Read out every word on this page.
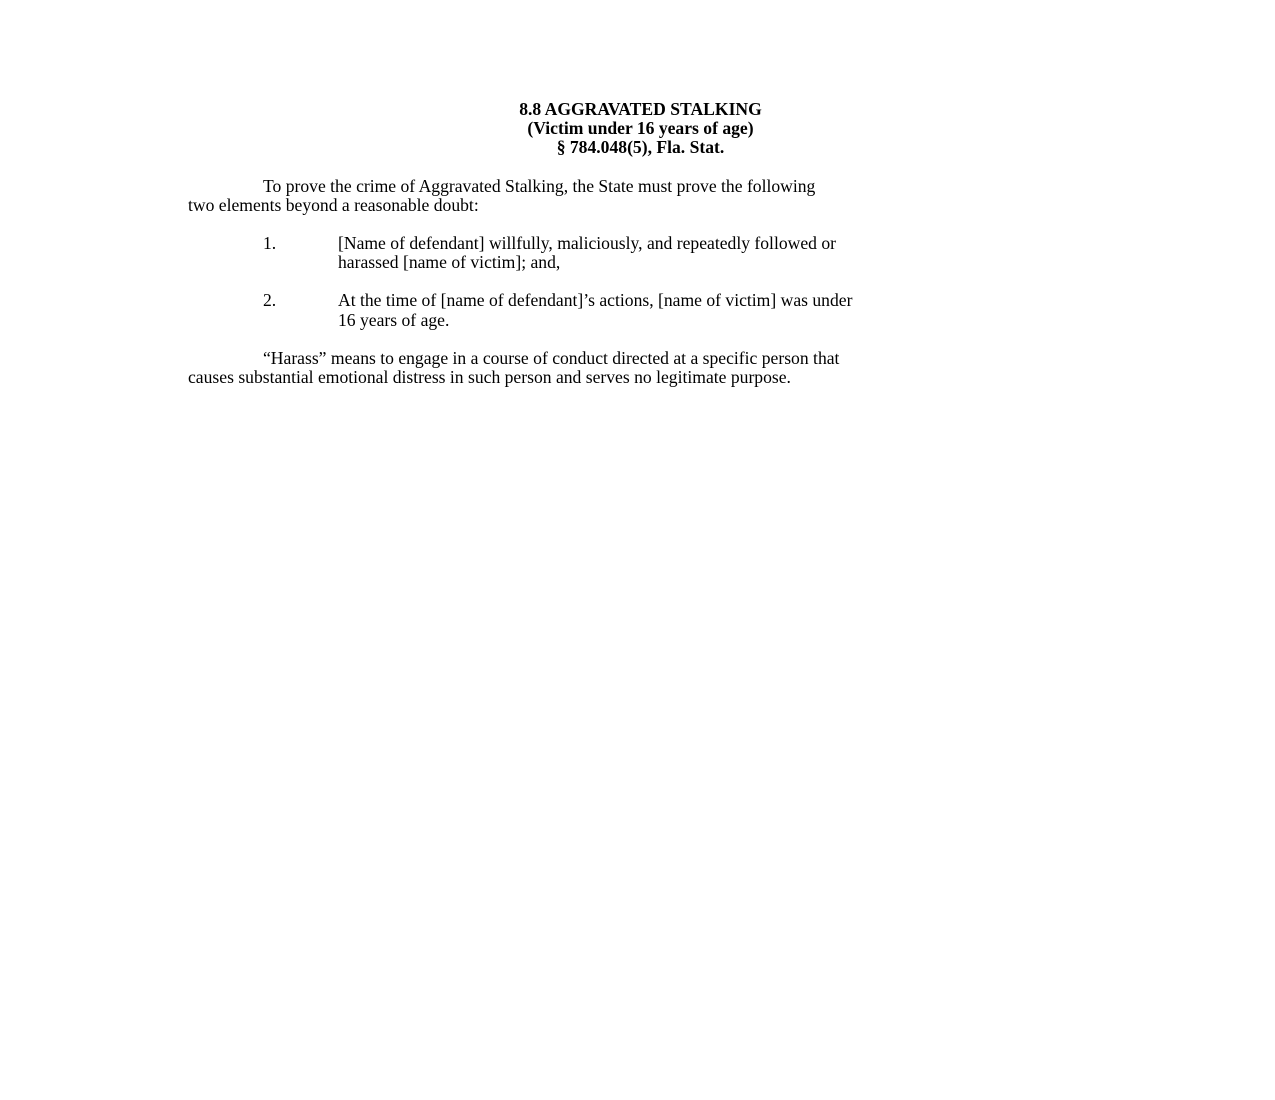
8.8 AGGRAVATED STALKING
(Victim under 16 years of age)
§ 784.048(5), Fla. Stat.
To prove the crime of Aggravated Stalking, the State must prove the following
two elements beyond a reasonable doubt:
1.	[Name of defendant] willfully, maliciously, and repeatedly followed or
harassed [name of victim]; and,
2.	At the time of [name of defendant]’s actions, [name of victim] was under
16 years of age.
“Harass” means to engage in a course of conduct directed at a specific person that
causes substantial emotional distress in such person and serves no legitimate purpose.
